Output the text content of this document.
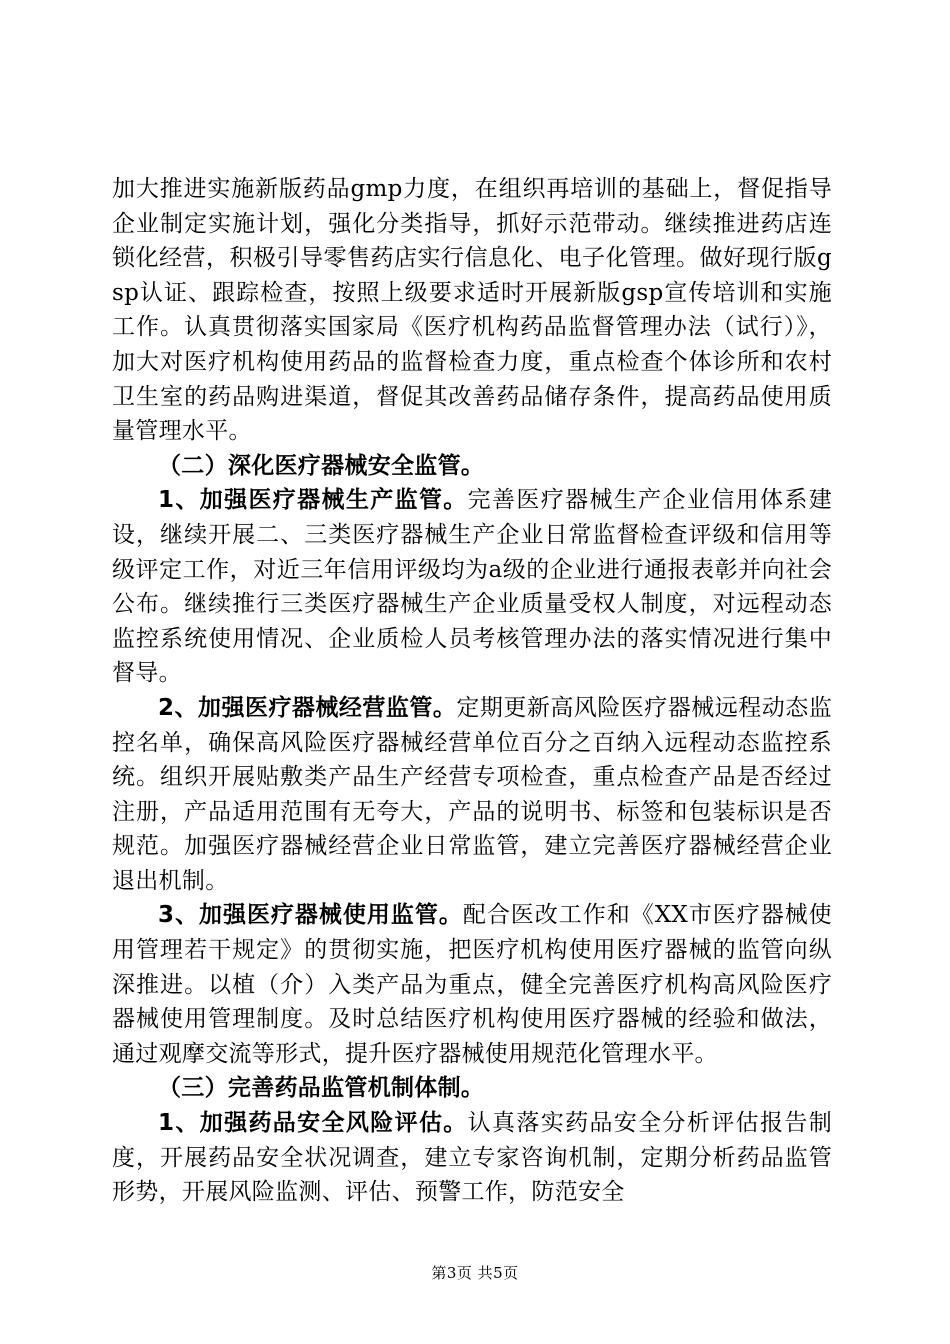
加大推进实施新版药品gmp力度，在组织再培训的基础上，督促指导企业制定实施计划，强化分类指导，抓好示范带动。继续推进药店连锁化经营，积极引导零售药店实行信息化、电子化管理。做好现行版gsp认证、跟踪检查，按照上级要求适时开展新版gsp宣传培训和实施工作。认真贯彻落实国家局《医疗机构药品监督管理办法（试行）》，加大对医疗机构使用药品的监督检查力度，重点检查个体诊所和农村卫生室的药品购进渠道，督促其改善药品储存条件，提高药品使用质量管理水平。

（二）深化医疗器械安全监管。

1、加强医疗器械生产监管。完善医疗器械生产企业信用体系建设，继续开展二、三类医疗器械生产企业日常监督检查评级和信用等级评定工作，对近三年信用评级均为a级的企业进行通报表彰并向社会公布。继续推行三类医疗器械生产企业质量受权人制度，对远程动态监控系统使用情况、企业质检人员考核管理办法的落实情况进行集中督导。

2、加强医疗器械经营监管。定期更新高风险医疗器械远程动态监控名单，确保高风险医疗器械经营单位百分之百纳入远程动态监控系统。组织开展贴敷类产品生产经营专项检查，重点检查产品是否经过注册，产品适用范围有无夸大，产品的说明书、标签和包装标识是否规范。加强医疗器械经营企业日常监管，建立完善医疗器械经营企业退出机制。

3、加强医疗器械使用监管。配合医改工作和《XX市医疗器械使用管理若干规定》的贯彻实施，把医疗机构使用医疗器械的监管向纵深推进。以植（介）入类产品为重点，健全完善医疗机构高风险医疗器械使用管理制度。及时总结医疗机构使用医疗器械的经验和做法，通过观摩交流等形式，提升医疗器械使用规范化管理水平。

（三）完善药品监管机制体制。

1、加强药品安全风险评估。认真落实药品安全分析评估报告制度，开展药品安全状况调查，建立专家咨询机制，定期分析药品监管形势，开展风险监测、评估、预警工作，防范安全

第3页 共5页
